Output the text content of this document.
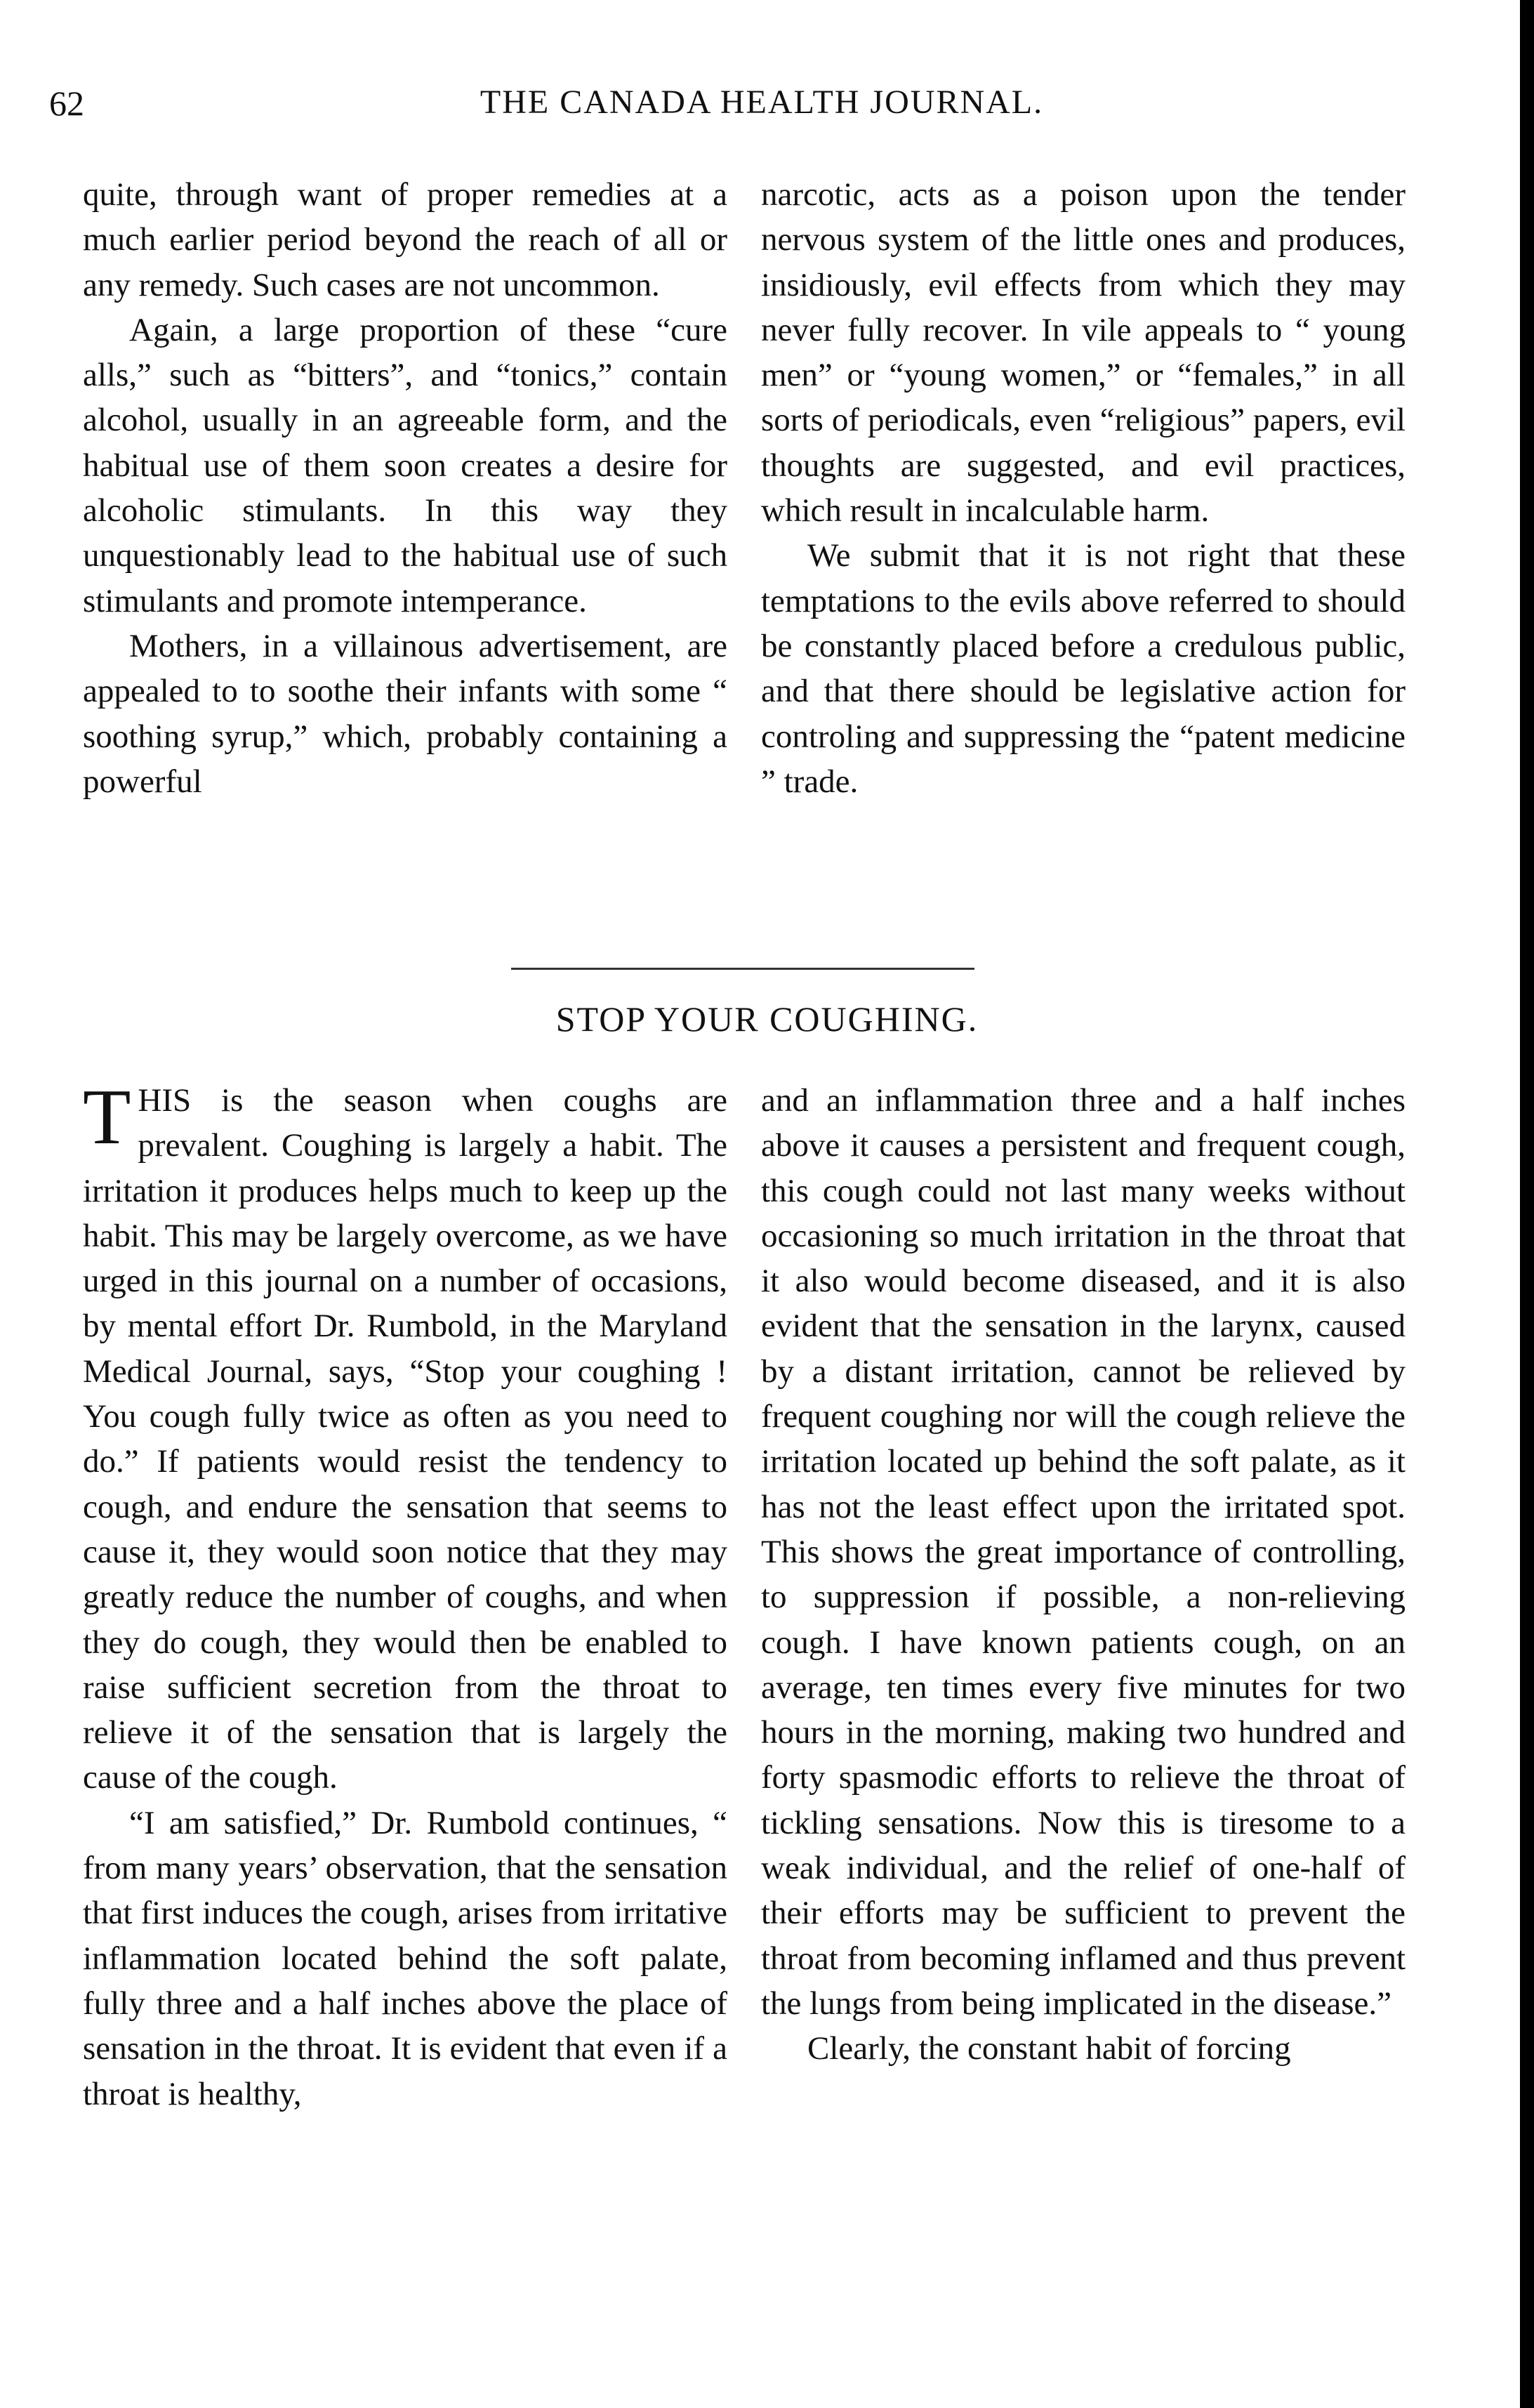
62	THE CANADA HEALTH JOURNAL.

quite, through want of proper remedies at a much earlier period beyond the reach of all or any remedy. Such cases are not uncommon.

Again, a large proportion of these “cure alls,” such as “bitters”, and “tonics,” contain alcohol, usually in an agreeable form, and the habitual use of them soon creates a desire for alcoholic stimulants. In this way they unquestionably lead to the habitual use of such stimulants and promote intemperance.

Mothers, in a villainous advertisement, are appealed to to soothe their infants with some “ soothing syrup,” which, probably containing a powerful

narcotic, acts as a poison upon the tender nervous system of the little ones and produces, insidiously, evil effects from which they may never fully recover. In vile appeals to “ young men” or “young women,” or “females,” in all sorts of periodicals, even “religious” papers, evil thoughts are suggested, and evil practices, which result in incalculable harm.

We submit that it is not right that these temptations to the evils above referred to should be constantly placed before a credulous public, and that there should be legislative action for controling and suppressing the “patent medicine ” trade.

STOP YOUR COUGHING.

THIS is the season when coughs are prevalent. Coughing is largely a habit. The irritation it produces helps much to keep up the habit. This may be largely overcome, as we have urged in this journal on a number of occasions, by mental effort Dr. Rumbold, in the Maryland Medical Journal, says, “Stop your coughing ! You cough fully twice as often as you need to do.” If patients would resist the tendency to cough, and endure the sensation that seems to cause it, they would soon notice that they may greatly reduce the number of coughs, and when they do cough, they would then be enabled to raise sufficient secretion from the throat to relieve it of the sensation that is largely the cause of the cough.

“I am satisfied,” Dr. Rumbold continues, “ from many years’ observation, that the sensation that first induces the cough, arises from irritative inflammation located behind the soft palate, fully three and a half inches above the place of sensation in the throat. It is evident that even if a throat is healthy,

and an inflammation three and a half inches above it causes a persistent and frequent cough, this cough could not last many weeks without occasioning so much irritation in the throat that it also would become diseased, and it is also evident that the sensation in the larynx, caused by a distant irritation, cannot be relieved by frequent coughing nor will the cough relieve the irritation located up behind the soft palate, as it has not the least effect upon the irritated spot. This shows the great importance of controlling, to suppression if possible, a non-relieving cough. I have known patients cough, on an average, ten times every five minutes for two hours in the morning, making two hundred and forty spasmodic efforts to relieve the throat of tickling sensations. Now this is tiresome to a weak individual, and the relief of one-half of their efforts may be sufficient to prevent the throat from becoming inflamed and thus prevent the lungs from being implicated in the disease.”

Clearly, the constant habit of forcing
